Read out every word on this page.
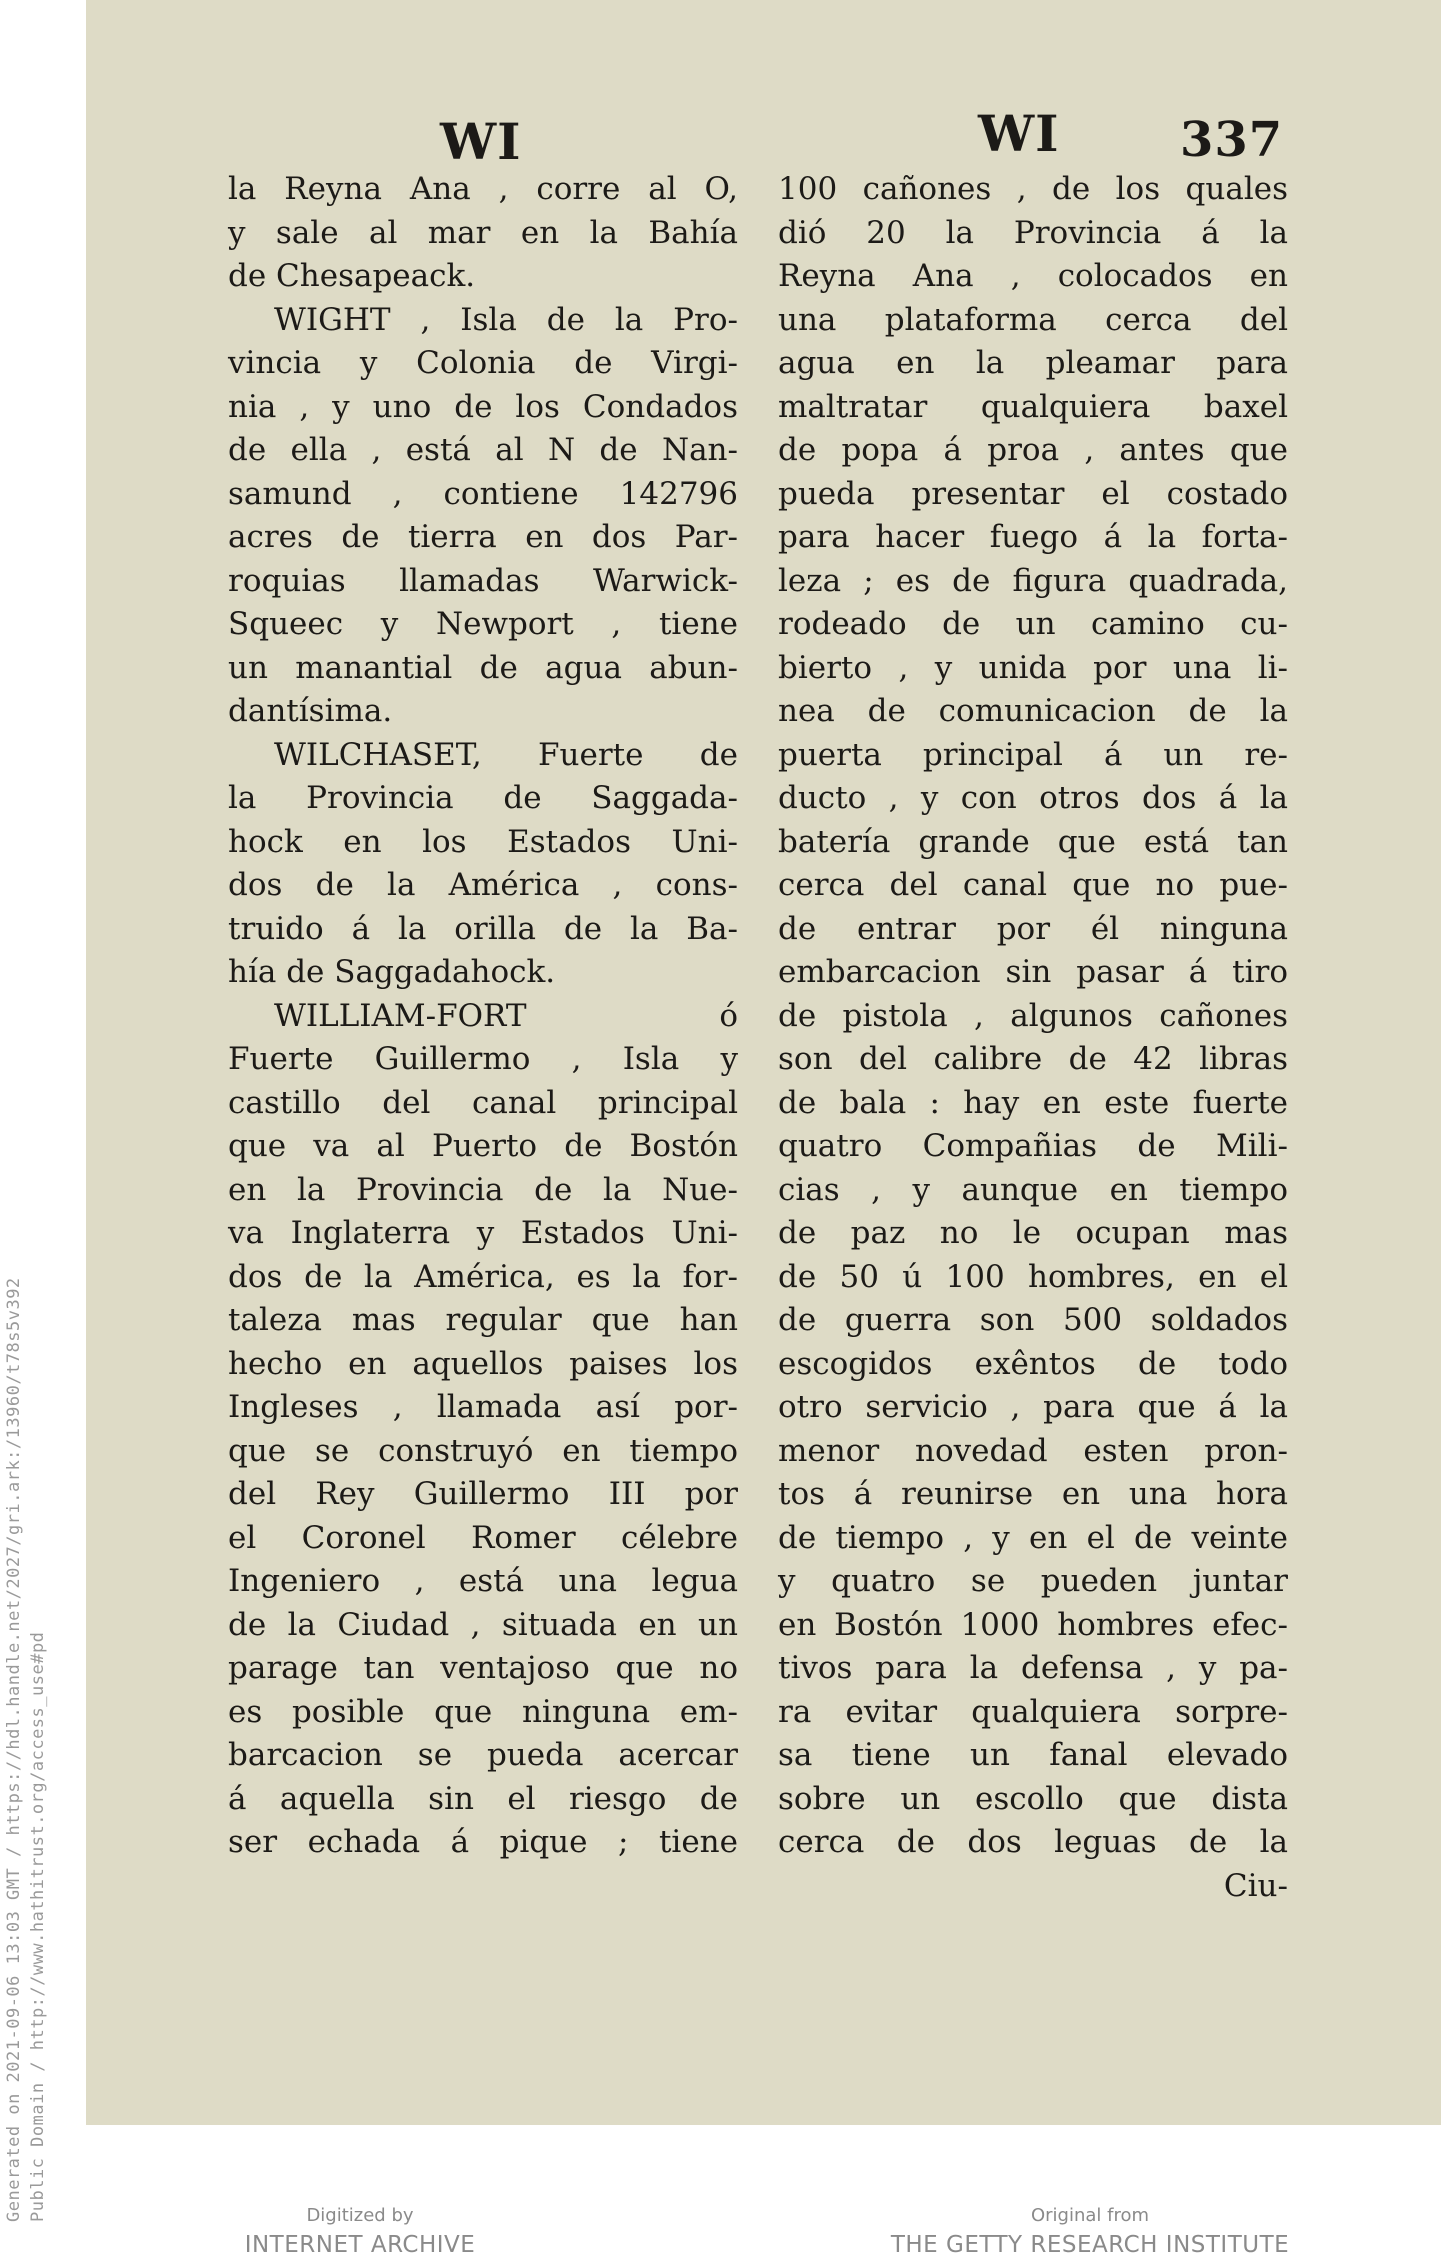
Generated on 2021-09-06 13:03 GMT / https://hdl.handle.net/2027/gri.ark:/13960/t78s5v392 Public Domain / http://www.hathitrust.org/access_use#pd
WI	WI	337
la Reyna Ana , corre al O,
y sale al mar en la Bahía
de Chesapeack.
WIGHT , Isla de la Pro-
vincia y Colonia de Virgi-
nia , y uno de los Condados
de ella , está al N de Nan-
samund , contiene 142796
acres de tierra en dos Par-
roquias llamadas Warwick-
Squeec y Newport , tiene
un manantial de agua abun-
dantísima.
WILCHASET, Fuerte de
la Provincia de Saggada-
hock en los Estados Uni-
dos de la América , cons-
truido á la orilla de la Ba-
hía de Saggadahock.
WILLIAM-FORT ó
Fuerte Guillermo , Isla y
castillo del canal principal
que va al Puerto de Bostón
en la Provincia de la Nue-
va Inglaterra y Estados Uni-
dos de la América, es la for-
taleza mas regular que han
hecho en aquellos paises los
Ingleses , llamada así por-
que se construyó en tiempo
del Rey Guillermo III por
el Coronel Romer célebre
Ingeniero , está una legua
de la Ciudad , situada en un
parage tan ventajoso que no
es posible que ninguna em-
barcacion se pueda acercar
á aquella sin el riesgo de
ser echada á pique ; tiene
100 cañones , de los quales
dió 20 la Provincia á la
Reyna Ana , colocados en
una plataforma cerca del
agua en la pleamar para
maltratar qualquiera baxel
de popa á proa , antes que
pueda presentar el costado
para hacer fuego á la forta-
leza ; es de figura quadrada,
rodeado de un camino cu-
bierto , y unida por una li-
nea de comunicacion de la
puerta principal á un re-
ducto , y con otros dos á la
batería grande que está tan
cerca del canal que no pue-
de entrar por él ninguna
embarcacion sin pasar á tiro
de pistola , algunos cañones
son del calibre de 42 libras
de bala : hay en este fuerte
quatro Compañias de Mili-
cias , y aunque en tiempo
de paz no le ocupan mas
de 50 ú 100 hombres, en el
de guerra son 500 soldados
escogidos exêntos de todo
otro servicio , para que á la
menor novedad esten pron-
tos á reunirse en una hora
de tiempo , y en el de veinte
y quatro se pueden juntar
en Bostón 1000 hombres efec-
tivos para la defensa , y pa-
ra evitar qualquiera sorpre-
sa tiene un fanal elevado
sobre un escollo que dista
cerca de dos leguas de la
Ciu-
Digitized by
INTERNET ARCHIVE
Original from
THE GETTY RESEARCH INSTITUTE
